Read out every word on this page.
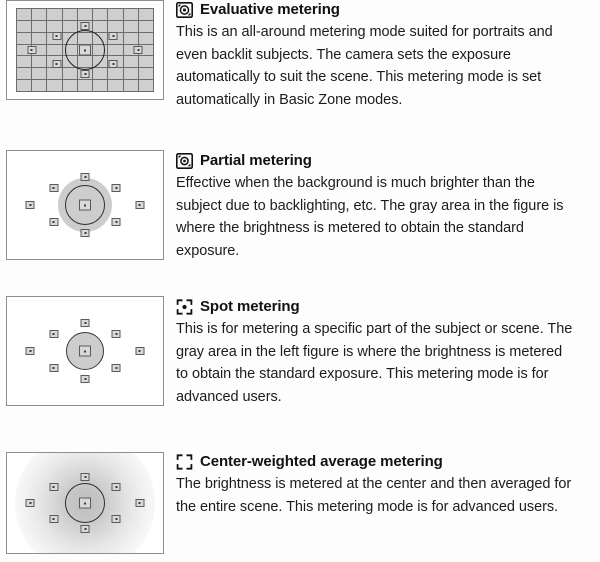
Evaluative metering

This is an all-around metering mode suited for portraits and even backlit subjects. The camera sets the exposure automatically to suit the scene. This metering mode is set automatically in Basic Zone modes.

Partial metering

Effective when the background is much brighter than the subject due to backlighting, etc. The gray area in the figure is where the brightness is metered to obtain the standard exposure.

Spot metering

This is for metering a specific part of the subject or scene. The gray area in the left figure is where the brightness is metered to obtain the standard exposure. This metering mode is for advanced users.

Center-weighted average metering

The brightness is metered at the center and then averaged for the entire scene. This metering mode is for advanced users.
